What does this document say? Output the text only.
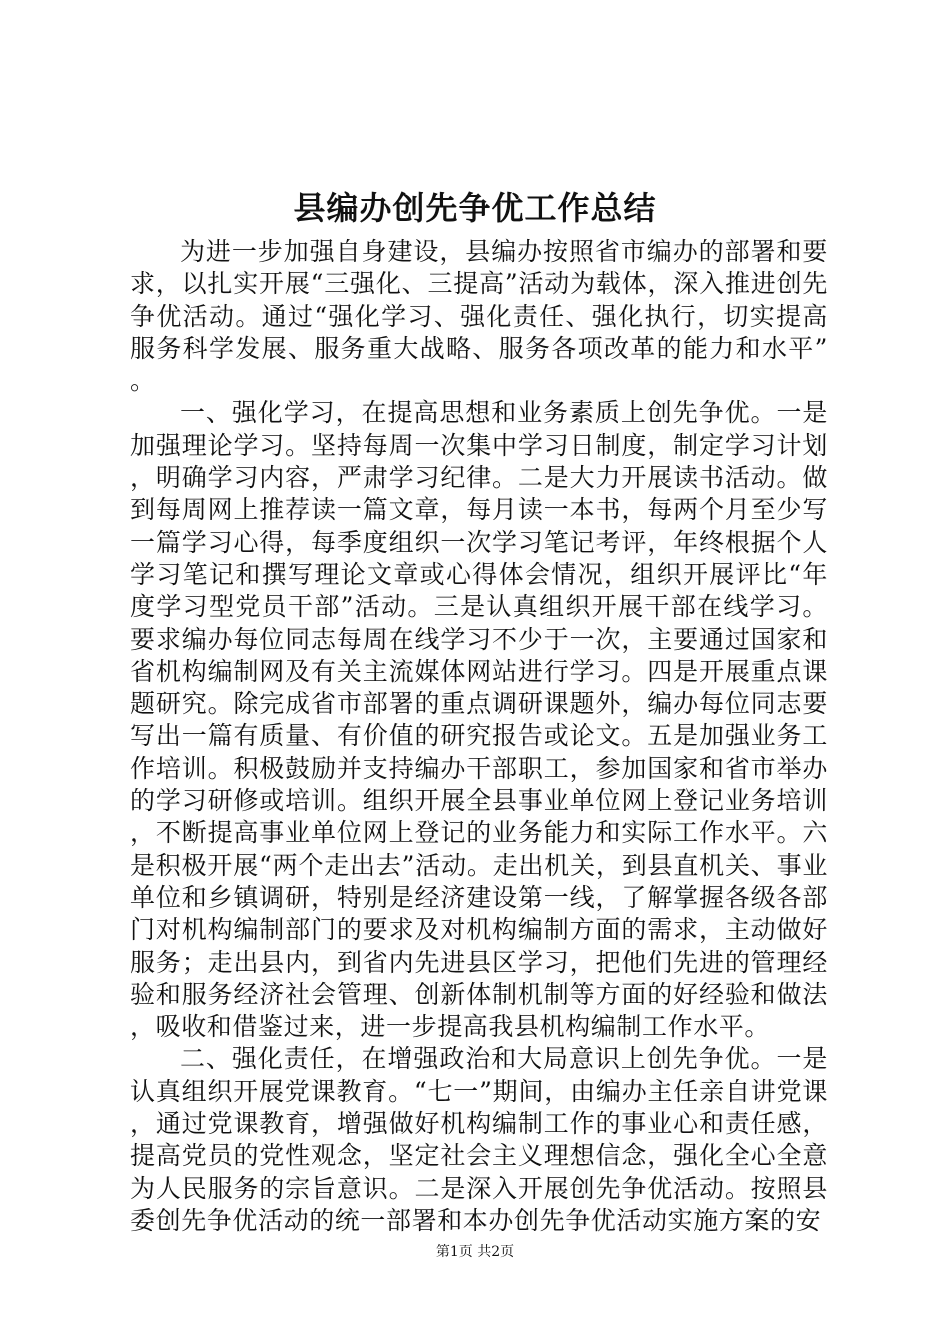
县编办创先争优工作总结

为进一步加强自身建设，县编办按照省市编办的部署和要求，以扎实开展“三强化、三提高”活动为载体，深入推进创先争优活动。通过“强化学习、强化责任、强化执行，切实提高服务科学发展、服务重大战略、服务各项改革的能力和水平”。

一、强化学习，在提高思想和业务素质上创先争优。一是加强理论学习。坚持每周一次集中学习日制度，制定学习计划，明确学习内容，严肃学习纪律。二是大力开展读书活动。做到每周网上推荐读一篇文章，每月读一本书，每两个月至少写一篇学习心得，每季度组织一次学习笔记考评，年终根据个人学习笔记和撰写理论文章或心得体会情况，组织开展评比“年度学习型党员干部”活动。三是认真组织开展干部在线学习。要求编办每位同志每周在线学习不少于一次，主要通过国家和省机构编制网及有关主流媒体网站进行学习。四是开展重点课题研究。除完成省市部署的重点调研课题外，编办每位同志要写出一篇有质量、有价值的研究报告或论文。五是加强业务工作培训。积极鼓励并支持编办干部职工，参加国家和省市举办的学习研修或培训。组织开展全县事业单位网上登记业务培训，不断提高事业单位网上登记的业务能力和实际工作水平。六是积极开展“两个走出去”活动。走出机关，到县直机关、事业单位和乡镇调研，特别是经济建设第一线，了解掌握各级各部门对机构编制部门的要求及对机构编制方面的需求，主动做好服务；走出县内，到省内先进县区学习，把他们先进的管理经验和服务经济社会管理、创新体制机制等方面的好经验和做法，吸收和借鉴过来，进一步提高我县机构编制工作水平。

二、强化责任，在增强政治和大局意识上创先争优。一是认真组织开展党课教育。“七一”期间，由编办主任亲自讲党课，通过党课教育，增强做好机构编制工作的事业心和责任感，提高党员的党性观念，坚定社会主义理想信念，强化全心全意为人民服务的宗旨意识。二是深入开展创先争优活动。按照县委创先争优活动的统一部署和本办创先争优活动实施方案的安

第1页 共2页
